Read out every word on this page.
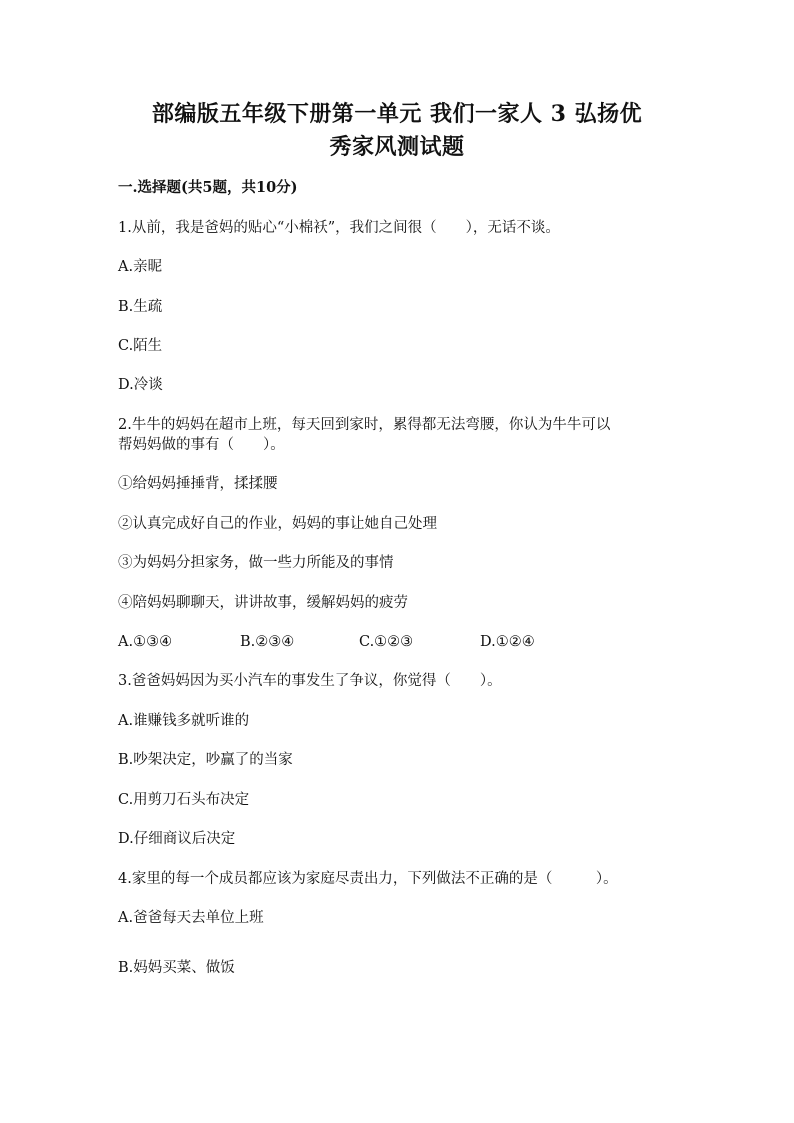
部编版五年级下册第一单元 我们一家人 3 弘扬优
秀家风测试题
一.选择题(共5题，共10分)
1.从前，我是爸妈的贴心“小棉袄”，我们之间很（　　），无话不谈。
A.亲昵
B.生疏
C.陌生
D.冷谈
2.牛牛的妈妈在超市上班，每天回到家时，累得都无法弯腰，你认为牛牛可以
帮妈妈做的事有（　　）。
①给妈妈捶捶背，揉揉腰
②认真完成好自己的作业，妈妈的事让她自己处理
③为妈妈分担家务，做一些力所能及的事情
④陪妈妈聊聊天，讲讲故事，缓解妈妈的疲劳
A.①③④	B.②③④	C.①②③	D.①②④
3.爸爸妈妈因为买小汽车的事发生了争议，你觉得（　　）。
A.谁赚钱多就听谁的
B.吵架决定，吵赢了的当家
C.用剪刀石头布决定
D.仔细商议后决定
4.家里的每一个成员都应该为家庭尽责出力，下列做法不正确的是（　　　）。
A.爸爸每天去单位上班
B.妈妈买菜、做饭
